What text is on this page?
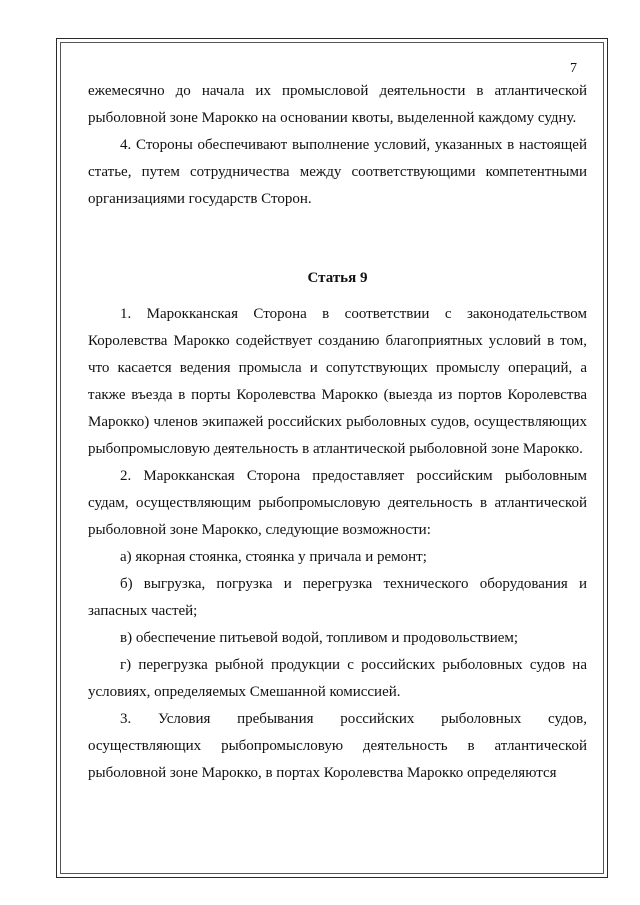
7

ежемесячно до начала их промысловой деятельности в атлантической рыболовной зоне Марокко на основании квоты, выделенной каждому судну.

4. Стороны обеспечивают выполнение условий, указанных в настоящей статье, путем сотрудничества между соответствующими компетентными организациями государств Сторон.

Статья 9

1. Марокканская Сторона в соответствии с законодательством Королевства Марокко содействует созданию благоприятных условий в том, что касается ведения промысла и сопутствующих промыслу операций, а также въезда в порты Королевства Марокко (выезда из портов Королевства Марокко) членов экипажей российских рыболовных судов, осуществляющих рыбопромысловую деятельность в атлантической рыболовной зоне Марокко.

2. Марокканская Сторона предоставляет российским рыболовным судам, осуществляющим рыбопромысловую деятельность в атлантической рыболовной зоне Марокко, следующие возможности:

а) якорная стоянка, стоянка у причала и ремонт;

б) выгрузка, погрузка и перегрузка технического оборудования и запасных частей;

в) обеспечение питьевой водой, топливом и продовольствием;

г) перегрузка рыбной продукции с российских рыболовных судов на условиях, определяемых Смешанной комиссией.

3. Условия пребывания российских рыболовных судов, осуществляющих рыбопромысловую деятельность в атлантической рыболовной зоне Марокко, в портах Королевства Марокко определяются
